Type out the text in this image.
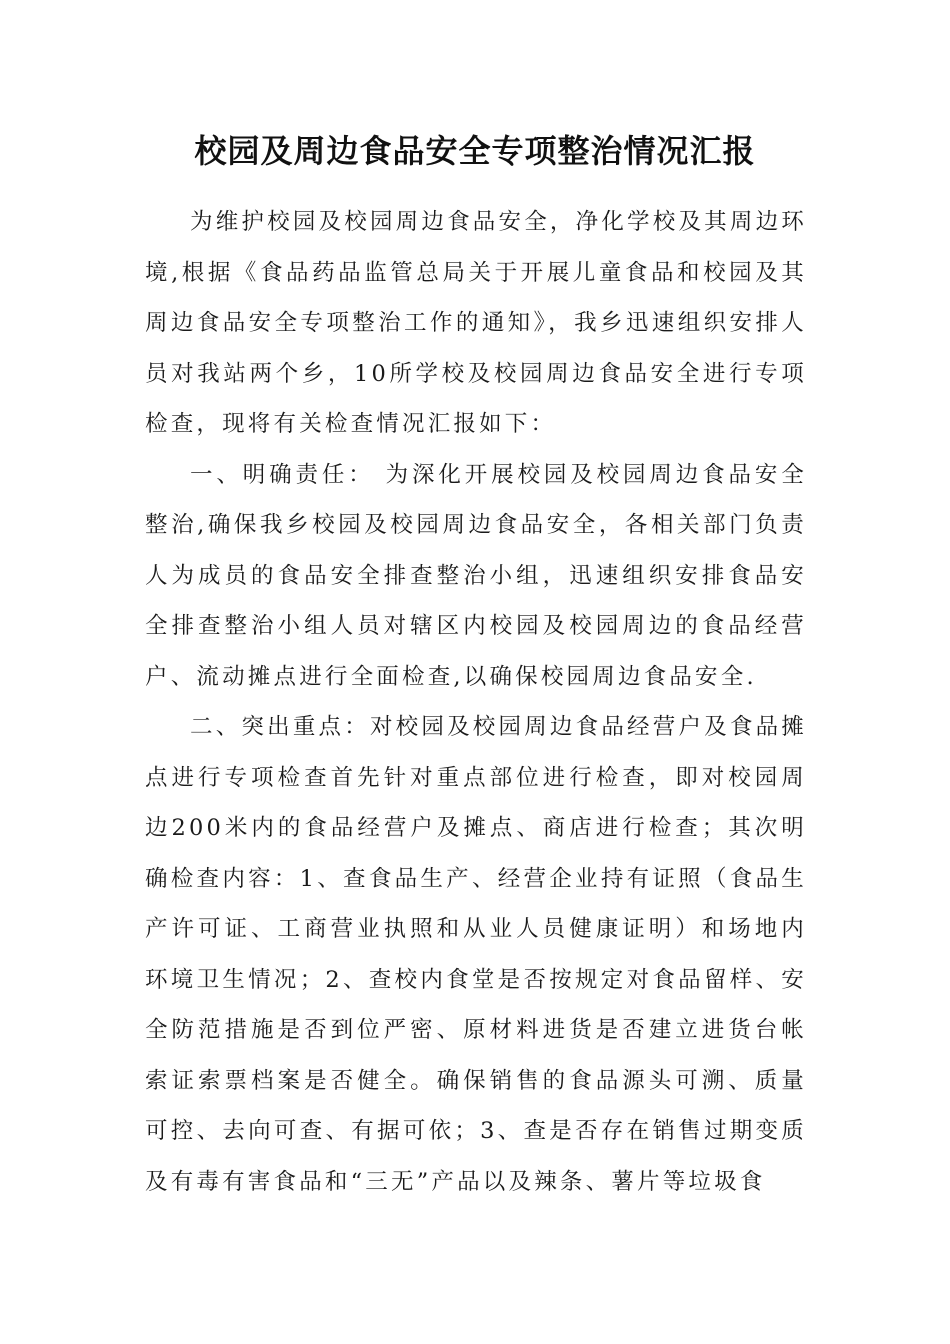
校园及周边食品安全专项整治情况汇报

为维护校园及校园周边食品安全，净化学校及其周边环境,根据《食品药品监管总局关于开展儿童食品和校园及其周边食品安全专项整治工作的通知》，我乡迅速组织安排人员对我站两个乡，10所学校及校园周边食品安全进行专项检查，现将有关检查情况汇报如下：

一、明确责任： 为深化开展校园及校园周边食品安全整治,确保我乡校园及校园周边食品安全，各相关部门负责人为成员的食品安全排查整治小组，迅速组织安排食品安全排查整治小组人员对辖区内校园及校园周边的食品经营户、流动摊点进行全面检查,以确保校园周边食品安全.

二、突出重点：对校园及校园周边食品经营户及食品摊点进行专项检查首先针对重点部位进行检查，即对校园周边200米内的食品经营户及摊点、商店进行检查；其次明确检查内容：1、查食品生产、经营企业持有证照（食品生产许可证、工商营业执照和从业人员健康证明）和场地内环境卫生情况；2、查校内食堂是否按规定对食品留样、安全防范措施是否到位严密、原材料进货是否建立进货台帐索证索票档案是否健全。确保销售的食品源头可溯、质量可控、去向可查、有据可依；3、查是否存在销售过期变质及有毒有害食品和“三无”产品以及辣条、薯片等垃圾食
